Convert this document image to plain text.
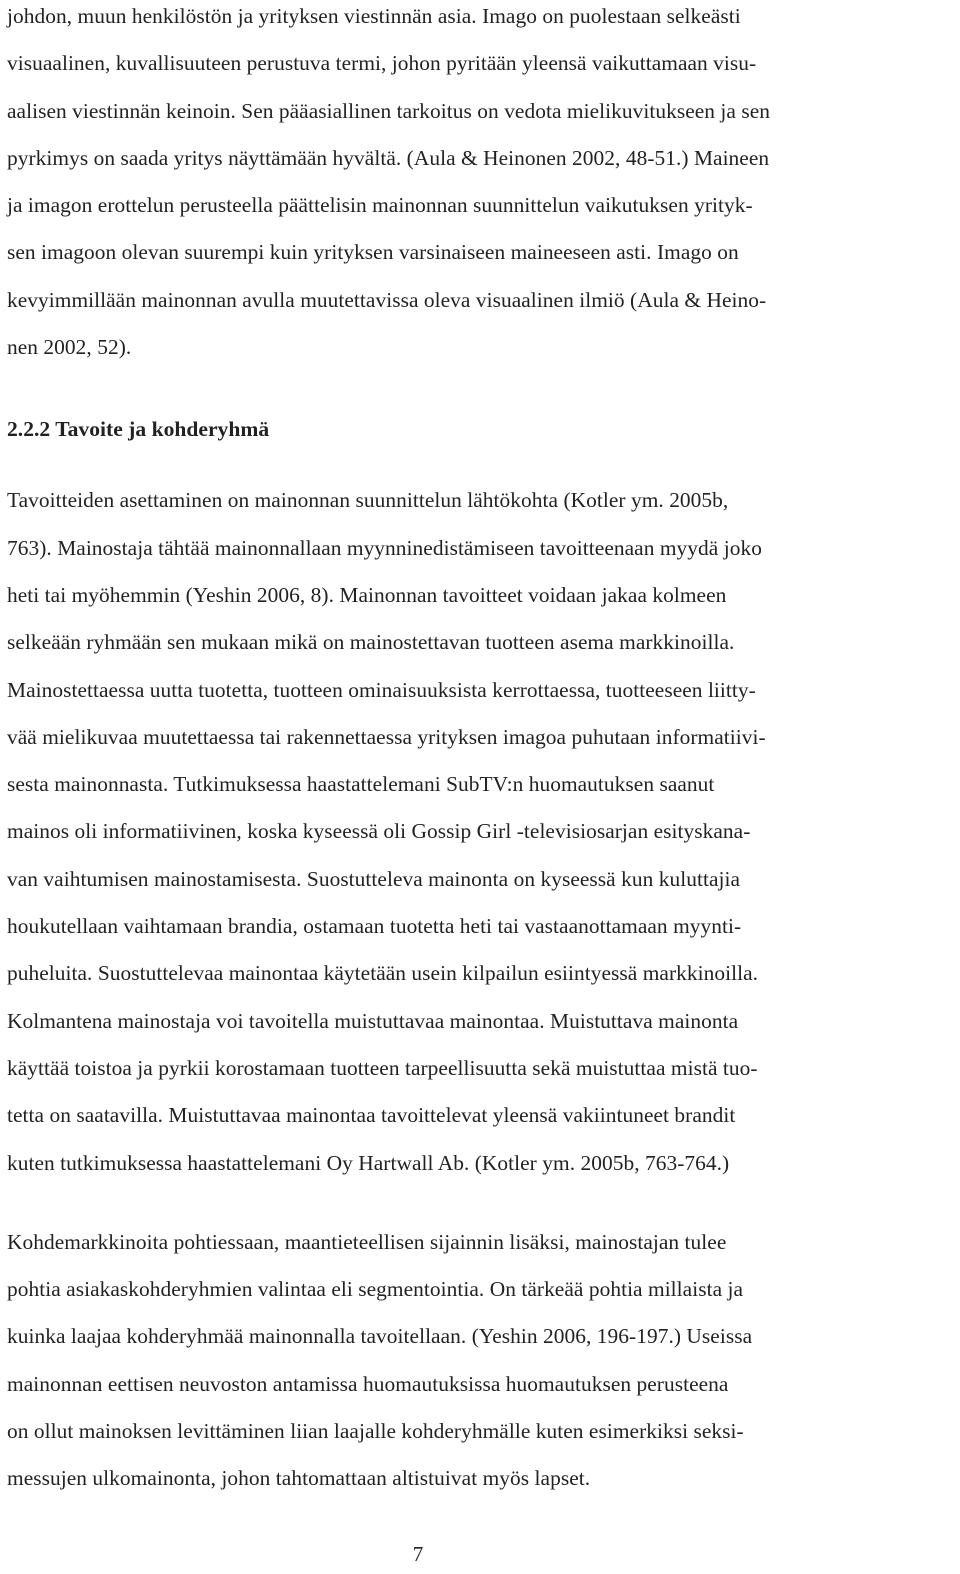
johdon, muun henkilöstön ja yrityksen viestinnän asia. Imago on puolestaan selkeästi
visuaalinen, kuvallisuuteen perustuva termi, johon pyritään yleensä vaikuttamaan visu-
aalisen viestinnän keinoin. Sen pääasiallinen tarkoitus on vedota mielikuvitukseen ja sen
pyrkimys on saada yritys näyttämään hyvältä. (Aula & Heinonen 2002, 48-51.) Maineen
ja imagon erottelun perusteella päättelisin mainonnan suunnittelun vaikutuksen yrityk-
sen imagoon olevan suurempi kuin yrityksen varsinaiseen maineeseen asti. Imago on
kevyimmillään mainonnan avulla muutettavissa oleva visuaalinen ilmiö (Aula & Heino-
nen 2002, 52).
2.2.2 Tavoite ja kohderyhmä
Tavoitteiden asettaminen on mainonnan suunnittelun lähtökohta (Kotler ym. 2005b,
763). Mainostaja tähtää mainonnallaan myynninedistämiseen tavoitteenaan myydä joko
heti tai myöhemmin (Yeshin 2006, 8). Mainonnan tavoitteet voidaan jakaa kolmeen
selkeään ryhmään sen mukaan mikä on mainostettavan tuotteen asema markkinoilla.
Mainostettaessa uutta tuotetta, tuotteen ominaisuuksista kerrottaessa, tuotteeseen liitty-
vää mielikuvaa muutettaessa tai rakennettaessa yrityksen imagoa puhutaan informatiivi-
sesta mainonnasta. Tutkimuksessa haastattelemani SubTV:n huomautuksen saanut
mainos oli informatiivinen, koska kyseessä oli Gossip Girl -televisiosarjan esityskana-
van vaihtumisen mainostamisesta. Suostutteleva mainonta on kyseessä kun kuluttajia
houkutellaan vaihtamaan brandia, ostamaan tuotetta heti tai vastaanottamaan myynti-
puheluita. Suostuttelevaa mainontaa käytetään usein kilpailun esiintyessä markkinoilla.
Kolmantena mainostaja voi tavoitella muistuttavaa mainontaa. Muistuttava mainonta
käyttää toistoa ja pyrkii korostamaan tuotteen tarpeellisuutta sekä muistuttaa mistä tuo-
tetta on saatavilla. Muistuttavaa mainontaa tavoittelevat yleensä vakiintuneet brandit
kuten tutkimuksessa haastattelemani Oy Hartwall Ab. (Kotler ym. 2005b, 763-764.)
Kohdemarkkinoita pohtiessaan, maantieteellisen sijainnin lisäksi, mainostajan tulee
pohtia asiakaskohderyhmien valintaa eli segmentointia. On tärkeää pohtia millaista ja
kuinka laajaa kohderyhmää mainonnalla tavoitellaan. (Yeshin 2006, 196-197.) Useissa
mainonnan eettisen neuvoston antamissa huomautuksissa huomautuksen perusteena
on ollut mainoksen levittäminen liian laajalle kohderyhmälle kuten esimerkiksi seksi-
messujen ulkomainonta, johon tahtomattaan altistuivat myös lapset.
7
